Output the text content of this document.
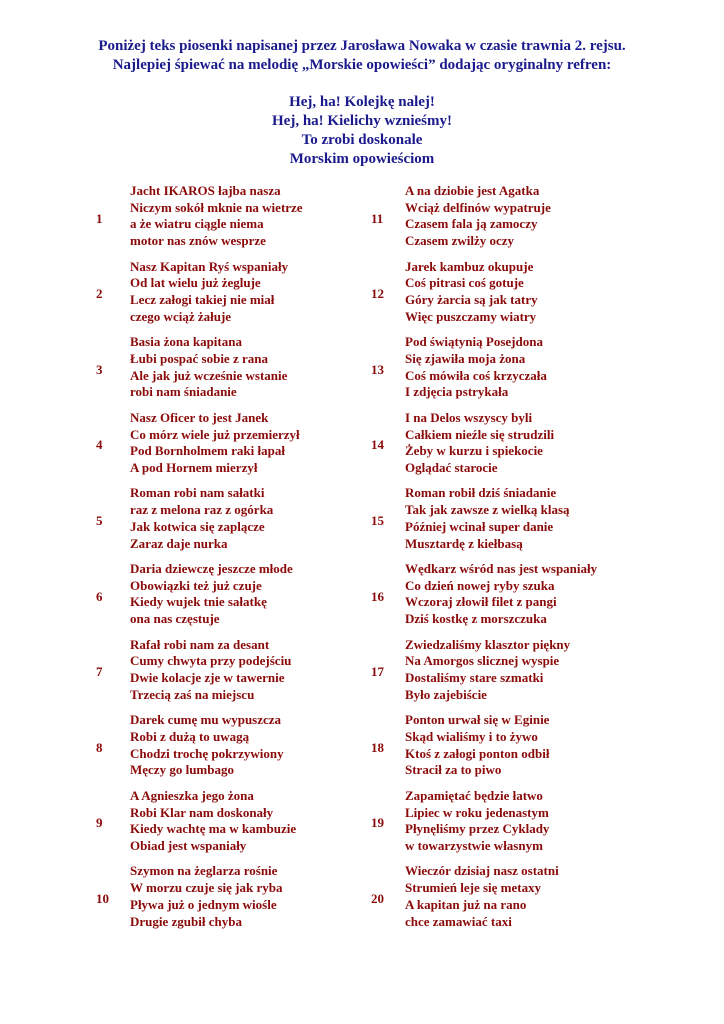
Poniżej teks piosenki napisanej przez Jarosława Nowaka w czasie trawnia 2. rejsu.
Najlepiej śpiewać na melodię „Morskie opowieści” dodając oryginalny refren:
Hej, ha! Kolejkę nalej!
Hej, ha! Kielichy wznieśmy!
To zrobi doskonale
Morskim opowieściom
1
Jacht IKAROS łajba nasza
Niczym sokół mknie na wietrze
a że wiatru ciągle niema
motor nas znów wesprze
2
Nasz Kapitan Ryś wspaniały
Od lat wielu już żegluje
Lecz załogi takiej nie miał
czego wciąż żałuje
3
Basia żona kapitana
Łubi pospać sobie z rana
Ale jak już wcześnie wstanie
robi nam śniadanie
4
Nasz Oficer to jest Janek
Co mórz wiele już przemierzył
Pod Bornholmem raki łapał
A pod Hornem mierzył
5
Roman robi nam sałatki
raz z melona raz z ogórka
Jak kotwica się zaplącze
Zaraz daje nurka
6
Daria dziewczę jeszcze młode
Obowiązki też już czuje
Kiedy wujek tnie sałatkę
ona nas częstuje
7
Rafał robi nam za desant
Cumy chwyta przy podejściu
Dwie kolacje zje w tawernie
Trzecią zaś na miejscu
8
Darek cumę mu wypuszcza
Robi z dużą to uwagą
Chodzi trochę pokrzywiony
Męczy go lumbago
9
A Agnieszka jego żona
Robi Klar nam doskonały
Kiedy wachtę ma w kambuzie
Obiad jest wspaniały
10
Szymon na żeglarza rośnie
W morzu czuje się jak ryba
Pływa już o jednym wiośle
Drugie zgubił chyba
11
A na dziobie jest Agatka
Wciąż delfinów wypatruje
Czasem fala ją zamoczy
Czasem zwilży oczy
12
Jarek kambuz okupuje
Coś pitrasi coś gotuje
Góry żarcia są jak tatry
Więc puszczamy wiatry
13
Pod świątynią Posejdona
Się zjawiła moja żona
Coś mówiła coś krzyczała
I zdjęcia pstrykała
14
I na Delos wszyscy byli
Całkiem nieźle się strudzili
Żeby w kurzu i spiekocie
Oglądać starocie
15
Roman robił dziś śniadanie
Tak jak zawsze z wielką klasą
Później wcinał super danie
Musztardę z kiełbasą
16
Wędkarz wśród nas jest wspaniały
Co dzień nowej ryby szuka
Wczoraj złowił filet z pangi
Dziś kostkę z morszczuka
17
Zwiedzaliśmy klasztor piękny
Na Amorgos slicznej wyspie
Dostaliśmy stare szmatki
Było zajebiście
18
Ponton urwał się w Eginie
Skąd wialiśmy i to żywo
Ktoś z załogi ponton odbił
Stracił za to piwo
19
Zapamiętać będzie łatwo
Lipiec w roku jedenastym
Płynęliśmy przez Cyklady
w towarzystwie własnym
20
Wieczór dzisiaj nasz ostatni
Strumień leje się metaxy
A kapitan już na rano
chce zamawiać taxi
